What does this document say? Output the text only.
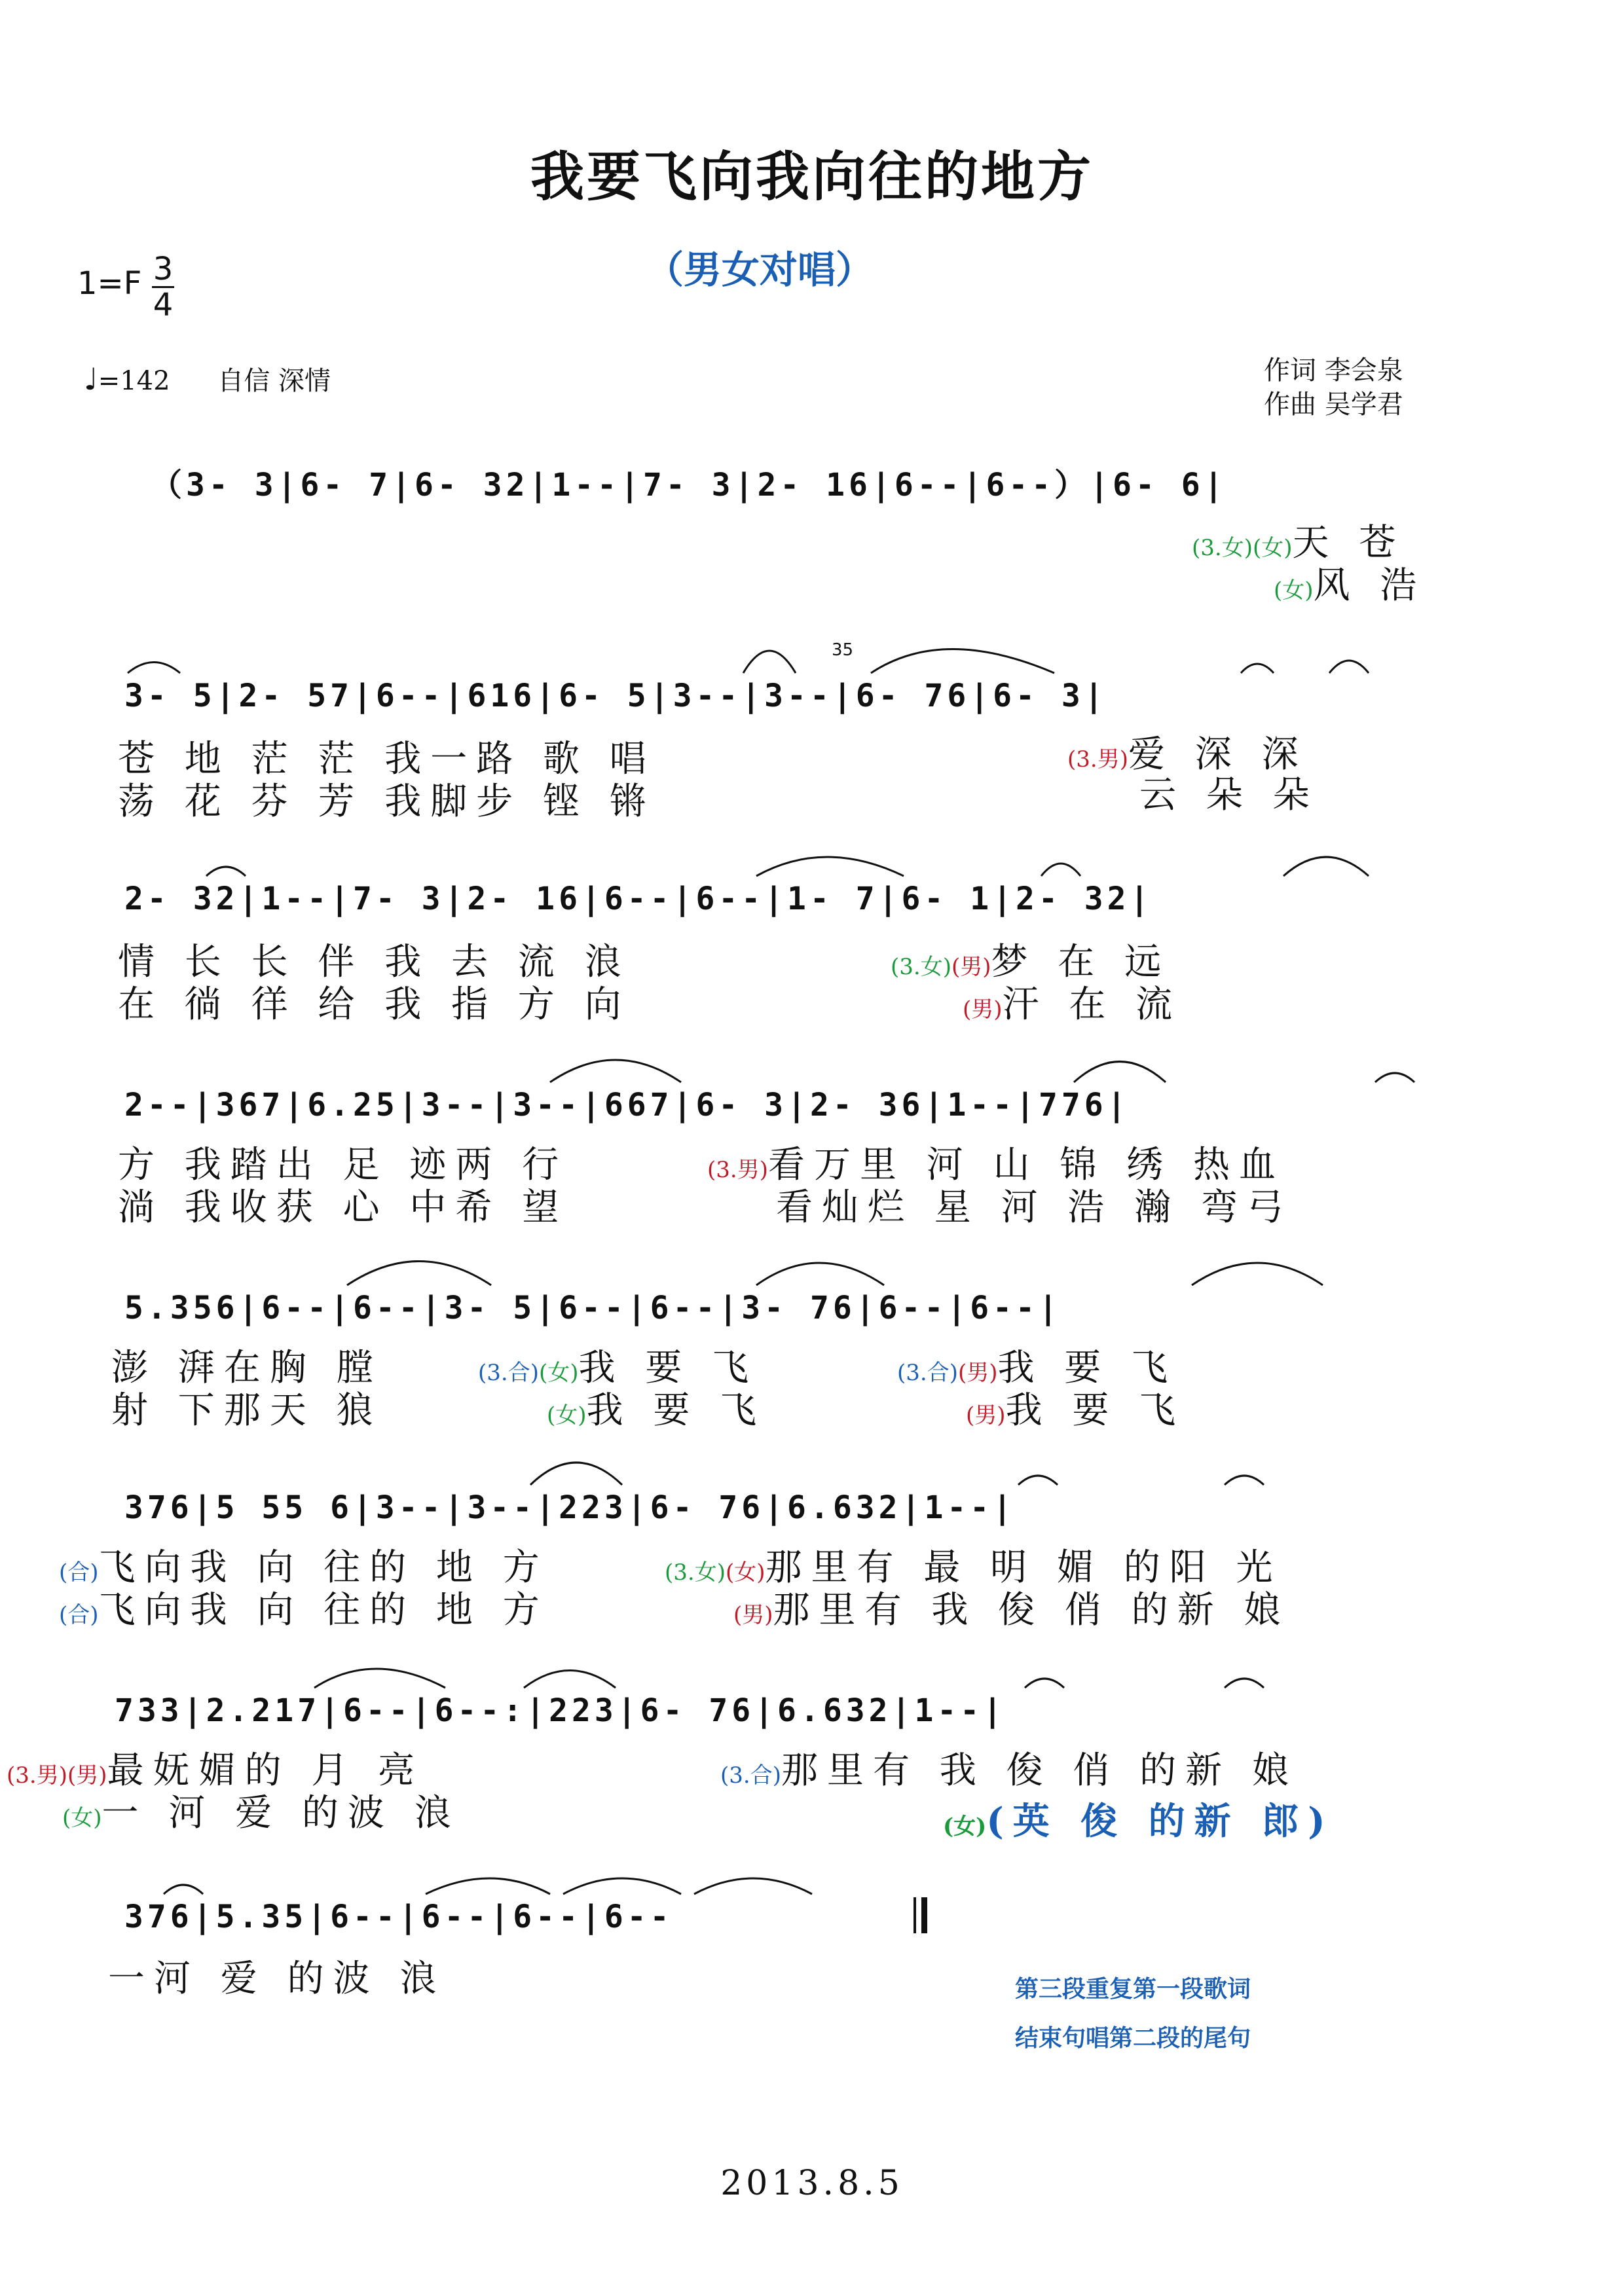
我要飞向我向往的地方
（男女对唱）
1=F 3
4
♩=142 自信 深情	作词 李会泉
作曲 吴学君
（3- 3|6- 7|6- 32|1--|7- 3|2- 16|6--|6--）|6- 6|
(3.女)(女)天 苍
(女)风 浩
3- 5|2- 57|6--|616|6- 5|3--|3--|6- 76|6- 3|
35
苍 地 茫 茫 我一路 歌 唱
荡 花 芬 芳 我脚步 铿 锵
(3.男)爱 深 深
云 朵 朵
2- 32|1--|7- 3|2- 16|6--|6--|1- 7|6- 1|2- 32|
情 长 长 伴 我 去 流 浪
在 徜 徉 给 我 指 方 向
(3.女)(男)梦 在 远
(男)汗 在 流
2--|367|6.25|3--|3--|667|6- 3|2- 36|1--|776|
方 我踏出 足 迹两 行
淌 我收获 心 中希 望
(3.男)看万里 河 山 锦 绣 热血
看灿烂 星 河 浩 瀚 弯弓
5.356|6--|6--|3- 5|6--|6--|3- 76|6--|6--|
澎 湃在胸 膛
射 下那天 狼
(3.合)(女)我 要 飞
(女)我 要 飞
(3.合)(男)我 要 飞
(男)我 要 飞
376|5 55 6|3--|3--|223|6- 76|6.632|1--|
(合)飞向我 向 往的 地 方
(合)飞向我 向 往的 地 方
(3.女)(女)那里有 最 明 媚 的阳 光
(男)那里有 我 俊 俏 的新 娘
733|2.217|6--|6--:|223|6- 76|6.632|1--|
(3.男)(男)最妩媚的 月 亮
(女)一 河 爱 的波 浪
(3.合)那里有 我 俊 俏 的新 娘
(女)(英 俊 的新 郎)
376|5.35|6--|6--|6--|6--
一河 爱 的波 浪	第三段重复第一段歌词
结束句唱第二段的尾句
2013.8.5
